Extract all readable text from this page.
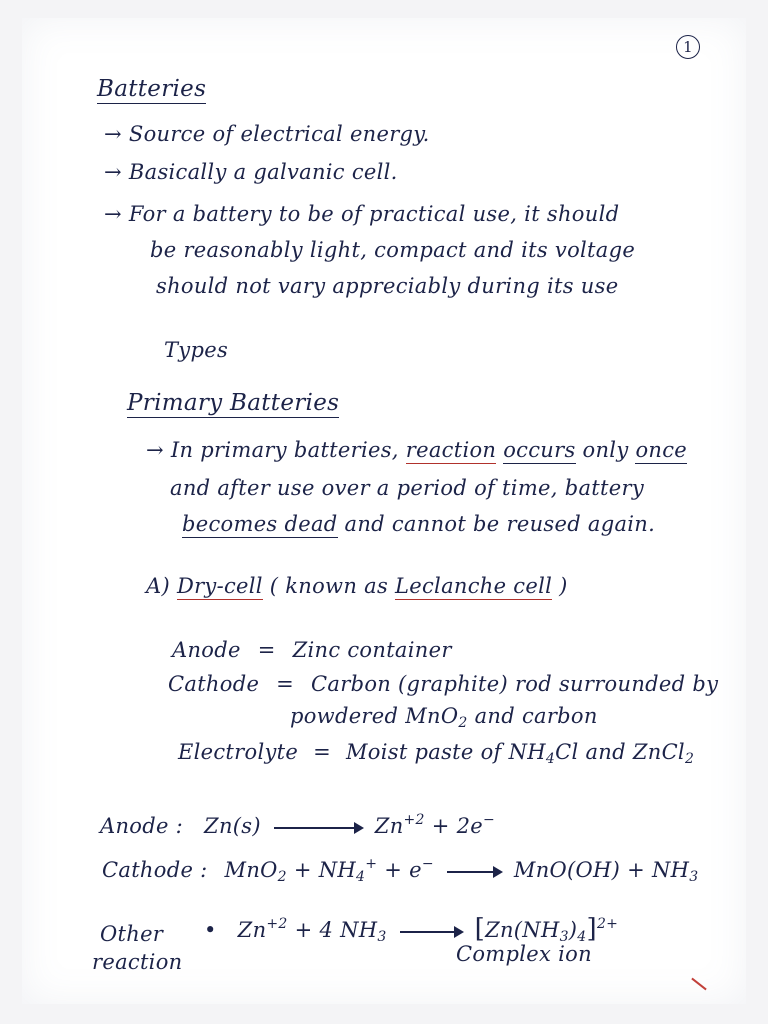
1
Batteries
→ Source of electrical energy.
→ Basically a galvanic cell.
→ For a battery to be of practical use, it should
be reasonably light, compact and its voltage
should not vary appreciably during its use
Types
Primary Batteries
→ In primary batteries, reaction occurs only once
and after use over a period of time, battery
becomes dead and cannot be reused again.
A) Dry-cell ( known as Leclanche cell )
Anode = Zinc container
Cathode = Carbon (graphite) rod surrounded by
powdered MnO$_2$ and carbon
Electrolyte = Moist paste of $NH_4Cl$ and ZnCl$_2$
Anode : Zn(s)	$Zn^{+2} + 2e^-$
Cathode : $MnO_2 + NH_4^+ + e^-$	$MnO(OH) + NH_3$
Other
reaction
• $Zn^{+2} + 4$ $NH_3$	$[Zn(NH_3)_4]^{2+}$
Complex ion
